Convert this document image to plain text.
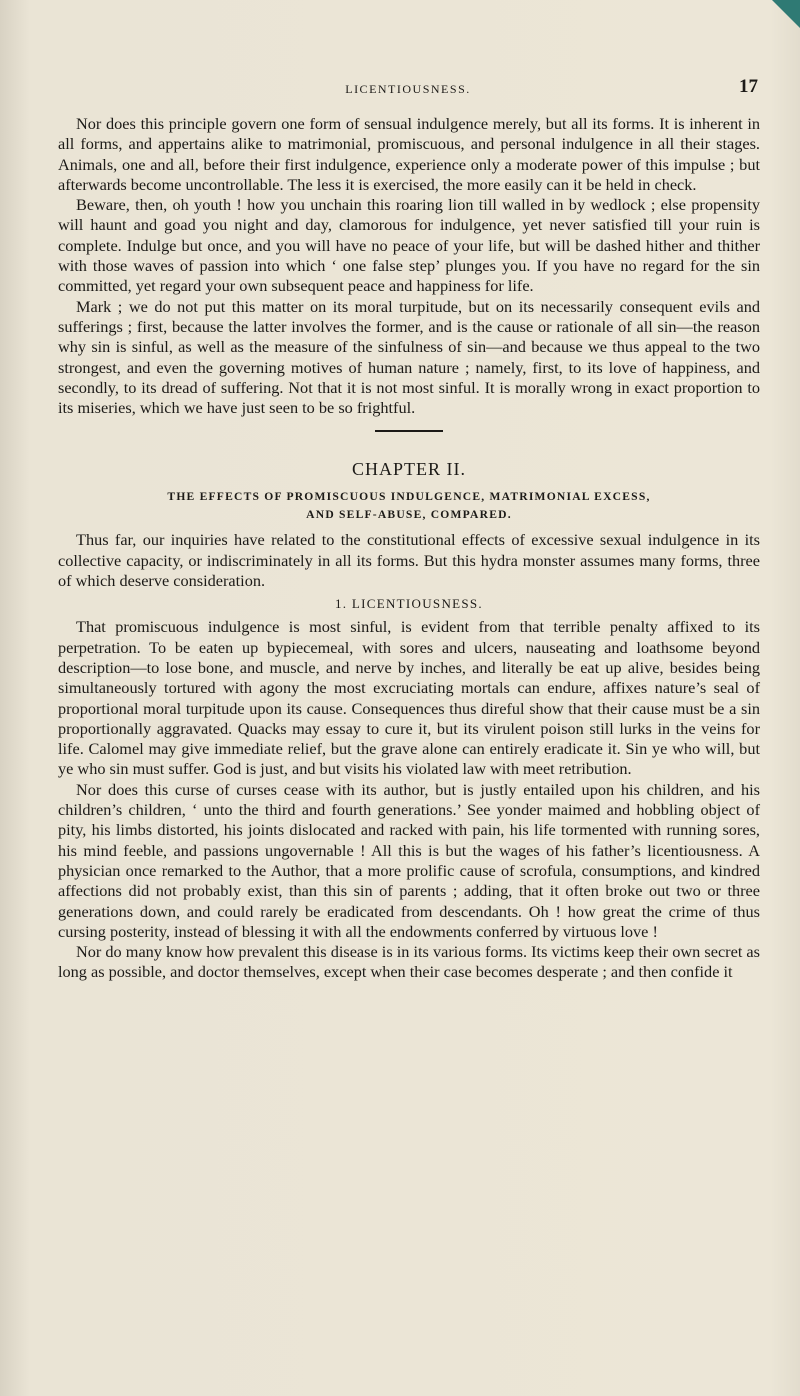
LICENTIOUSNESS.	17

Nor does this principle govern one form of sensual indulgence merely, but all its forms. It is inherent in all forms, and appertains alike to matrimonial, promiscuous, and personal indulgence in all their stages. Animals, one and all, before their first indulgence, experience only a moderate power of this impulse ; but afterwards become uncontrollable. The less it is exercised, the more easily can it be held in check.

Beware, then, oh youth ! how you unchain this roaring lion till walled in by wedlock ; else propensity will haunt and goad you night and day, clamorous for indulgence, yet never satisfied till your ruin is complete. Indulge but once, and you will have no peace of your life, but will be dashed hither and thither with those waves of passion into which ‘ one false step’ plunges you. If you have no regard for the sin committed, yet regard your own subsequent peace and happiness for life.

Mark ; we do not put this matter on its moral turpitude, but on its necessarily consequent evils and sufferings ; first, because the latter involves the former, and is the cause or rationale of all sin—the reason why sin is sinful, as well as the measure of the sinfulness of sin—and because we thus appeal to the two strongest, and even the governing motives of human nature ; namely, first, to its love of happiness, and secondly, to its dread of suffering. Not that it is not most sinful. It is morally wrong in exact proportion to its miseries, which we have just seen to be so frightful.

CHAPTER II.
THE EFFECTS OF PROMISCUOUS INDULGENCE, MATRIMONIAL EXCESS,
AND SELF-ABUSE, COMPARED.

Thus far, our inquiries have related to the constitutional effects of excessive sexual indulgence in its collective capacity, or indiscriminately in all its forms. But this hydra monster assumes many forms, three of which deserve consideration.

1. LICENTIOUSNESS.

That promiscuous indulgence is most sinful, is evident from that terrible penalty affixed to its perpetration. To be eaten up bypiecemeal, with sores and ulcers, nauseating and loathsome beyond description—to lose bone, and muscle, and nerve by inches, and literally be eat up alive, besides being simultaneously tortured with agony the most excruciating mortals can endure, affixes nature’s seal of proportional moral turpitude upon its cause. Consequences thus direful show that their cause must be a sin proportionally aggravated. Quacks may essay to cure it, but its virulent poison still lurks in the veins for life. Calomel may give immediate relief, but the grave alone can entirely eradicate it. Sin ye who will, but ye who sin must suffer. God is just, and but visits his violated law with meet retribution.

Nor does this curse of curses cease with its author, but is justly entailed upon his children, and his children’s children, ‘ unto the third and fourth generations.’ See yonder maimed and hobbling object of pity, his limbs distorted, his joints dislocated and racked with pain, his life tormented with running sores, his mind feeble, and passions ungovernable ! All this is but the wages of his father’s licentiousness. A physician once remarked to the Author, that a more prolific cause of scrofula, consumptions, and kindred affections did not probably exist, than this sin of parents ; adding, that it often broke out two or three generations down, and could rarely be eradicated from descendants. Oh ! how great the crime of thus cursing posterity, instead of blessing it with all the endowments conferred by virtuous love !

Nor do many know how prevalent this disease is in its various forms. Its victims keep their own secret as long as possible, and doctor themselves, except when their case becomes desperate ; and then confide it
